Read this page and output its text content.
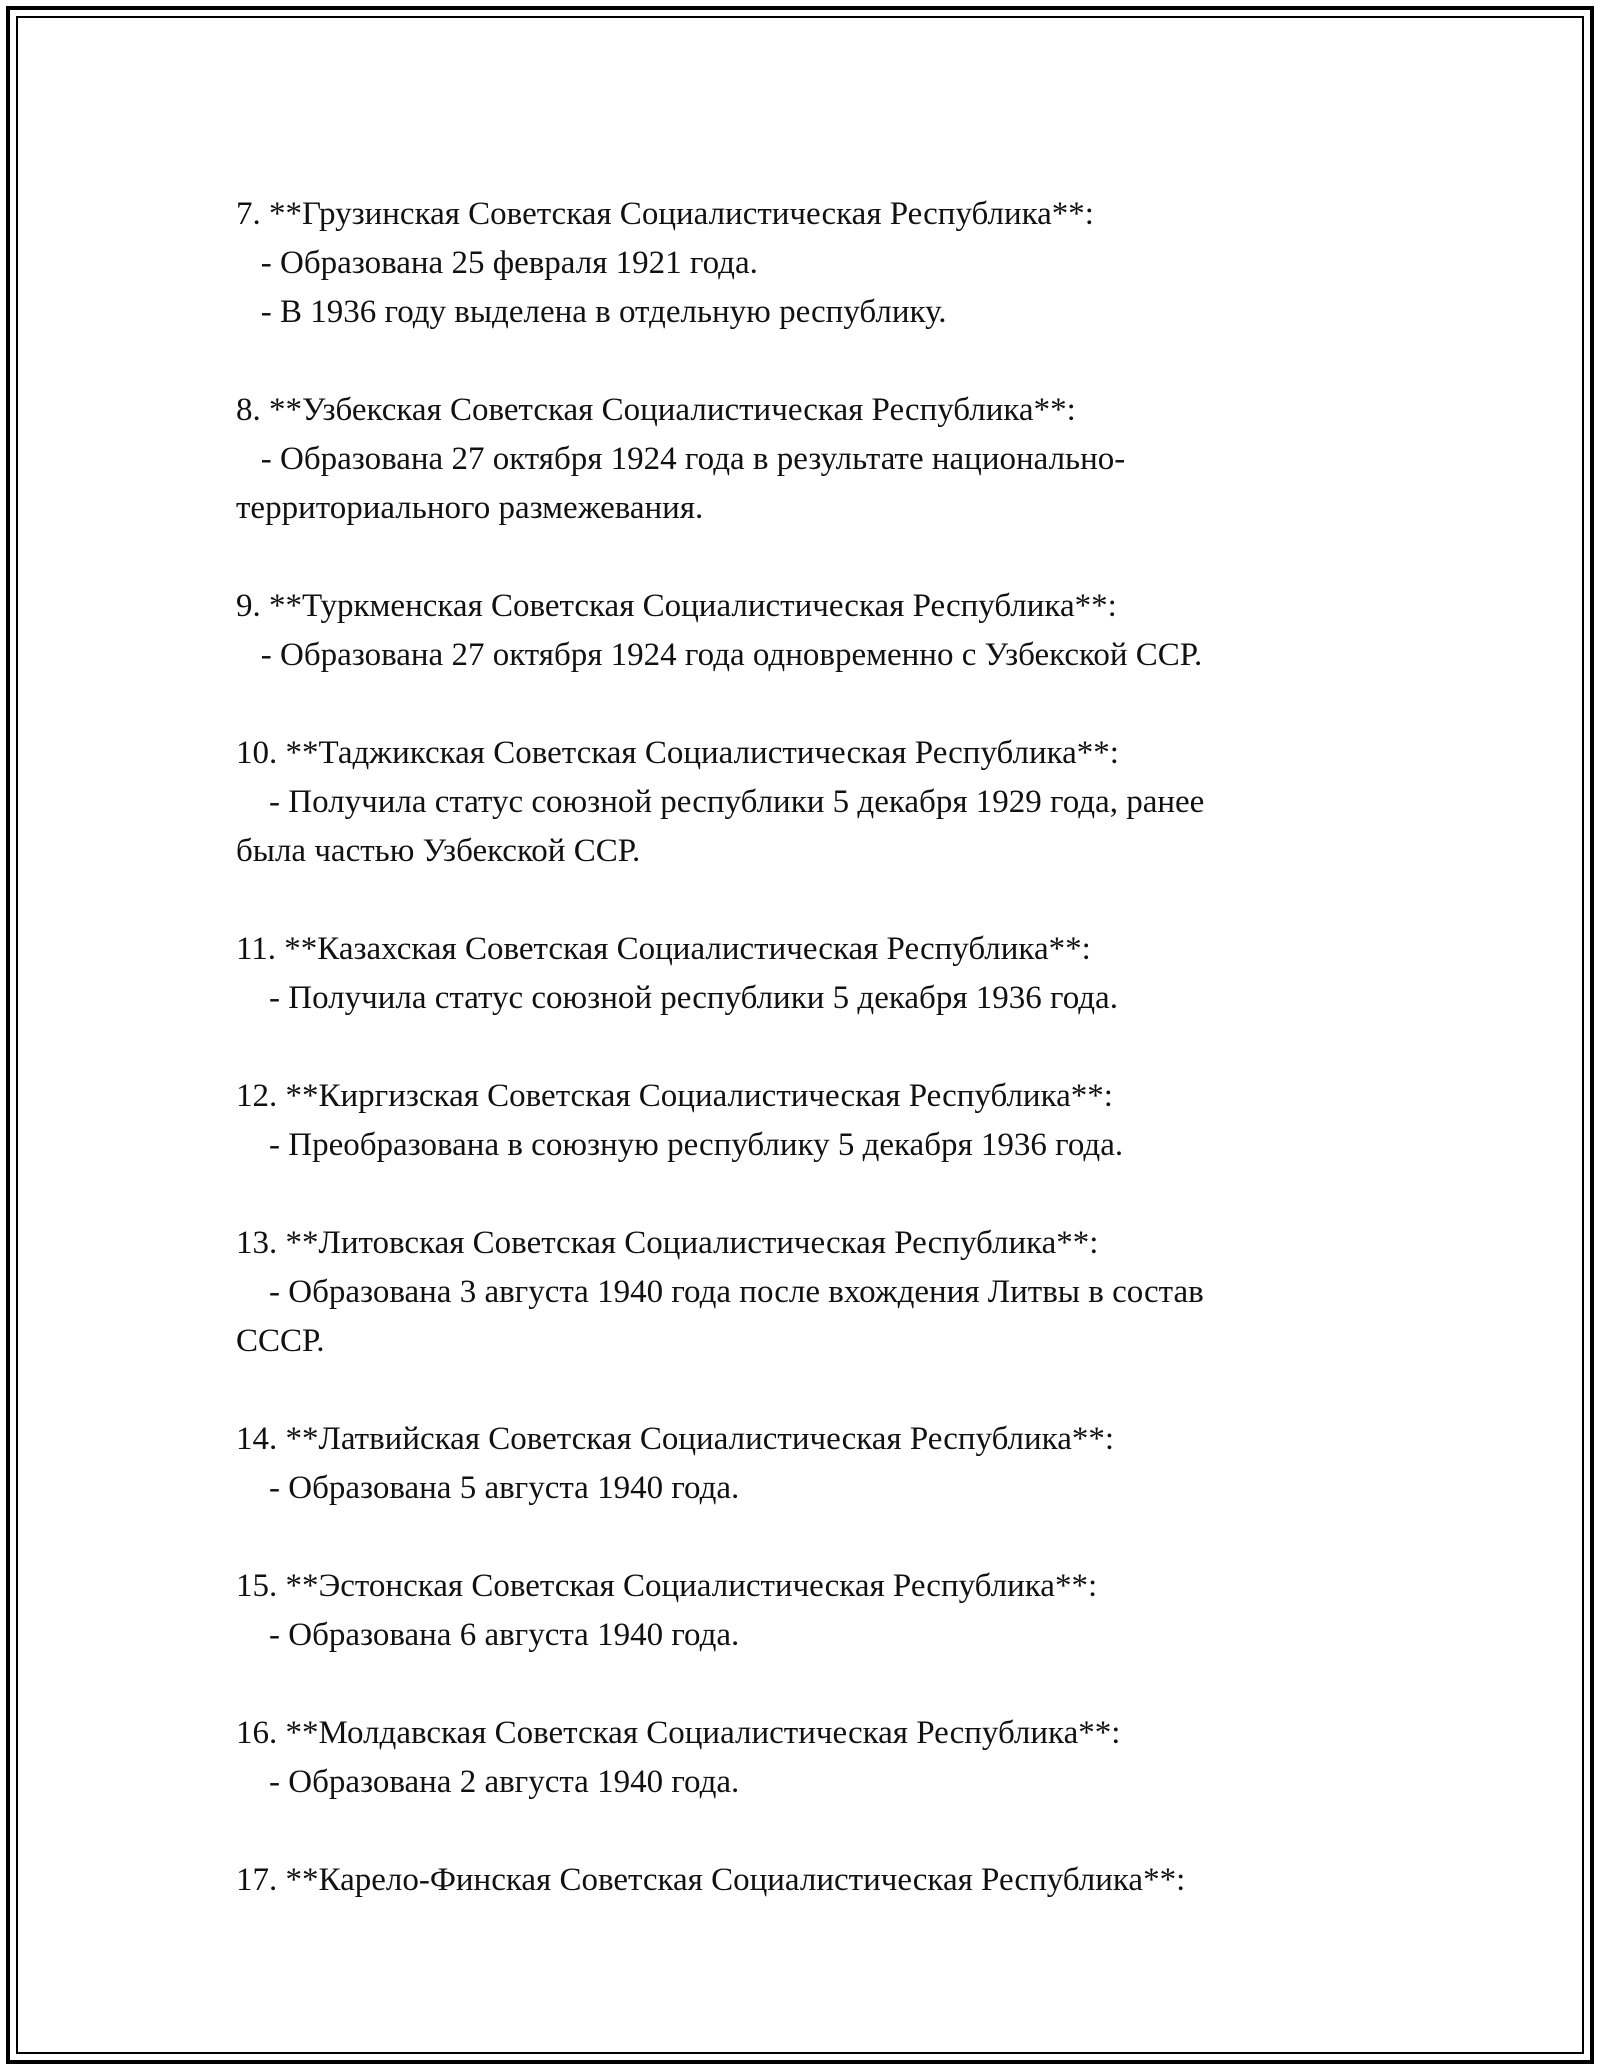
7. **Грузинская Советская Социалистическая Республика**:

- Образована 25 февраля 1921 года.

- В 1936 году выделена в отдельную республику.

8. **Узбекская Советская Социалистическая Республика**:

- Образована 27 октября 1924 года в результате национально-

территориального размежевания.

9. **Туркменская Советская Социалистическая Республика**:

- Образована 27 октября 1924 года одновременно с Узбекской ССР.

10. **Таджикская Советская Социалистическая Республика**:

- Получила статус союзной республики 5 декабря 1929 года, ранее

была частью Узбекской ССР.

11. **Казахская Советская Социалистическая Республика**:

- Получила статус союзной республики 5 декабря 1936 года.

12. **Киргизская Советская Социалистическая Республика**:

- Преобразована в союзную республику 5 декабря 1936 года.

13. **Литовская Советская Социалистическая Республика**:

- Образована 3 августа 1940 года после вхождения Литвы в состав

СССР.

14. **Латвийская Советская Социалистическая Республика**:

- Образована 5 августа 1940 года.

15. **Эстонская Советская Социалистическая Республика**:

- Образована 6 августа 1940 года.

16. **Молдавская Советская Социалистическая Республика**:

- Образована 2 августа 1940 года.

17. **Карело-Финская Советская Социалистическая Республика**:
